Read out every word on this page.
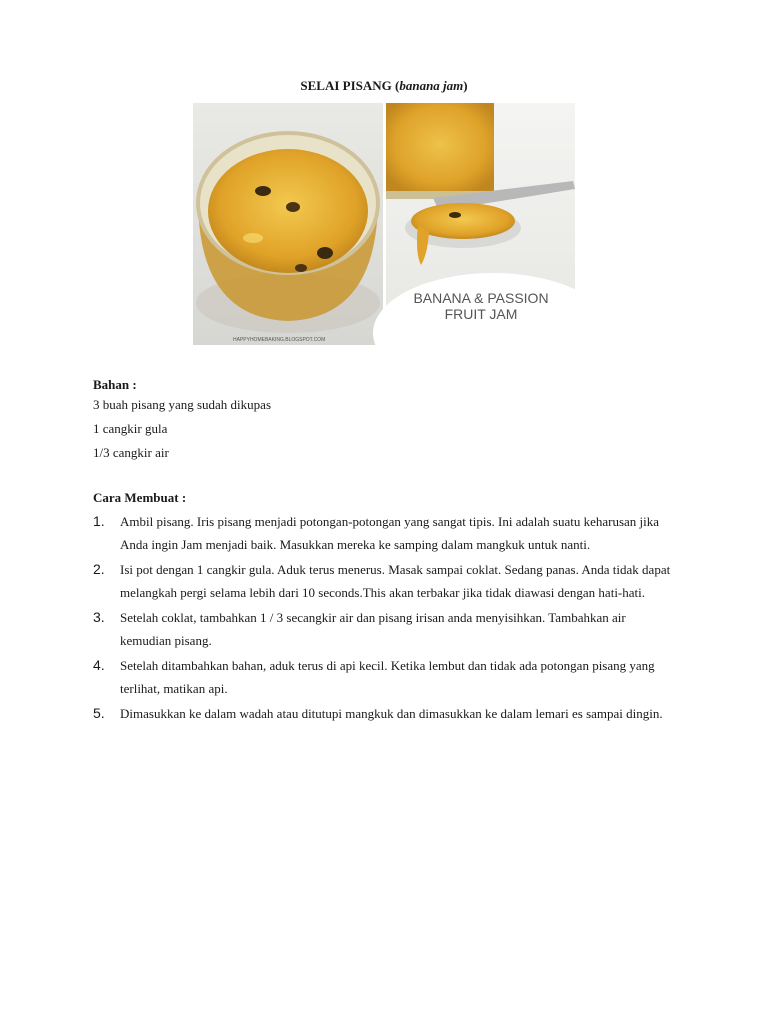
SELAI PISANG (banana jam)
HAPPYHOMEBAKING.BLOGSPOT.COM
BANANA & PASSION
FRUIT JAM
Bahan :
3 buah pisang yang sudah dikupas
1 cangkir gula
1/3 cangkir air
Cara Membuat :
1. Ambil pisang. Iris pisang menjadi potongan-potongan yang sangat tipis. Ini adalah suatu keharusan jika Anda ingin Jam menjadi baik. Masukkan mereka ke samping dalam mangkuk untuk nanti.
2. Isi pot dengan 1 cangkir gula. Aduk terus menerus. Masak sampai coklat. Sedang panas. Anda tidak dapat melangkah pergi selama lebih dari 10 seconds.This akan terbakar jika tidak diawasi dengan hati-hati.
3. Setelah coklat, tambahkan 1 / 3 secangkir air dan pisang irisan anda menyisihkan. Tambahkan air kemudian pisang.
4. Setelah ditambahkan bahan, aduk terus di api kecil. Ketika lembut dan tidak ada potongan pisang yang terlihat, matikan api.
5. Dimasukkan ke dalam wadah atau ditutupi mangkuk dan dimasukkan ke dalam lemari es sampai dingin.
